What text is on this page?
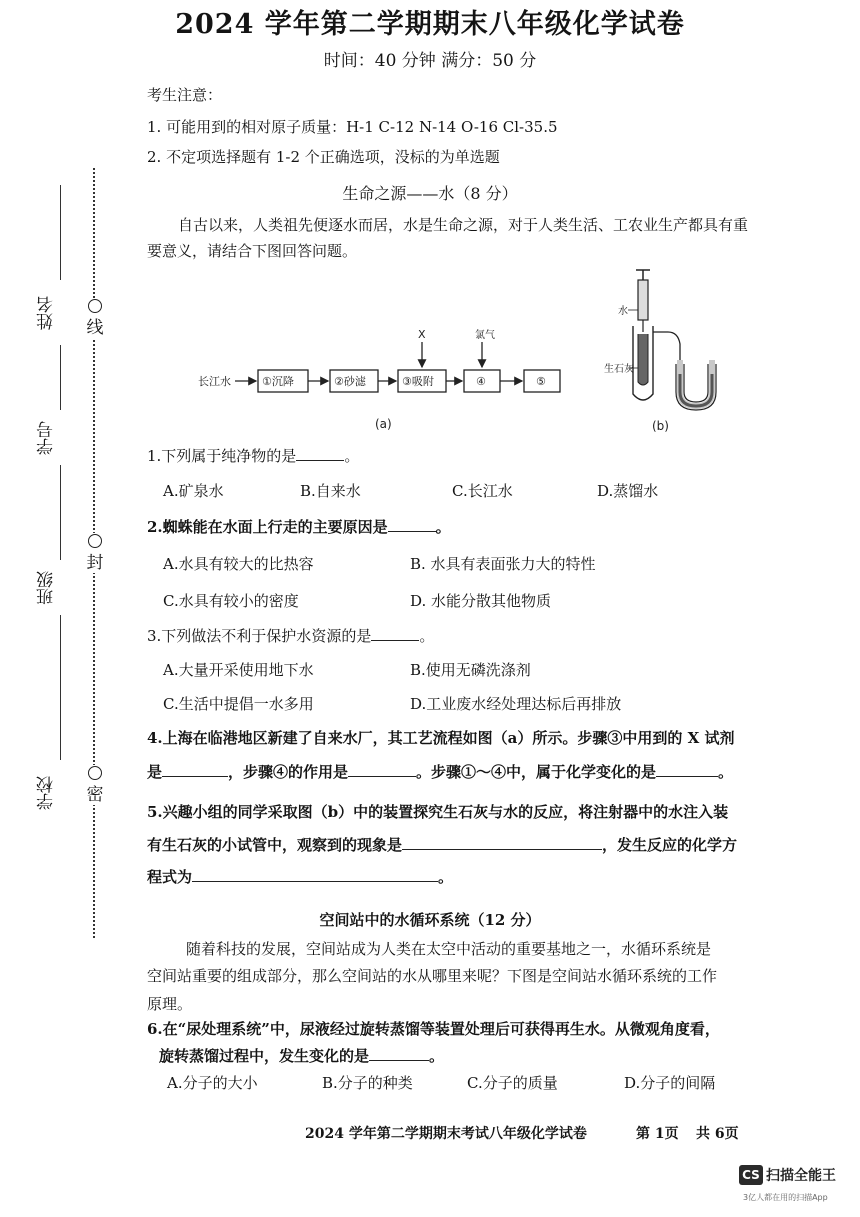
2024 学年第二学期期末八年级化学试卷
时间：40 分钟 满分：50 分
考生注意：
1. 可能用到的相对原子质量：H-1 C-12 N-14 O-16 Cl-35.5
2. 不定项选择题有 1-2 个正确选项，没标的为单选题
姓名
学号
班级
学校

线

封

密
生命之源——水（8 分）
自古以来，人类祖先便逐水而居，水是生命之源，对于人类生活、工农业生产都具有重
要意义，请结合下图回答问题。
长江水	①沉降	②砂滤	③吸附	④	⑤
X	氯气
(a)
水
生石灰
(b)
1.下列属于纯净物的是	。
A.矿泉水	B.自来水	C.长江水	D.蒸馏水
2.蜘蛛能在水面上行走的主要原因是	。
A.水具有较大的比热容	B. 水具有表面张力大的特性
C.水具有较小的密度	D. 水能分散其他物质
3.下列做法不利于保护水资源的是	。
A.大量开采使用地下水	B.使用无磷洗涤剂
C.生活中提倡一水多用	D.工业废水经处理达标后再排放
4.上海在临港地区新建了自来水厂，其工艺流程如图（a）所示。步骤③中用到的 X 试剂
是	，步骤④的作用是	。步骤①～④中，属于化学变化的是	。
5.兴趣小组的同学采取图（b）中的装置探究生石灰与水的反应，将注射器中的水注入装
有生石灰的小试管中，观察到的现象是	，发生反应的化学方
程式为	。
空间站中的水循环系统（12 分）
随着科技的发展，空间站成为人类在太空中活动的重要基地之一，水循环系统是
空间站重要的组成部分，那么空间站的水从哪里来呢？下图是空间站水循环系统的工作
原理。
6.在“尿处理系统”中，尿液经过旋转蒸馏等装置处理后可获得再生水。从微观角度看，
旋转蒸馏过程中，发生变化的是	。
A.分子的大小	B.分子的种类	C.分子的质量	D.分子的间隔
2024 学年第二学期期末考试八年级化学试卷	第 1页 共 6页
CS 扫描全能王
3亿人都在用的扫描App
